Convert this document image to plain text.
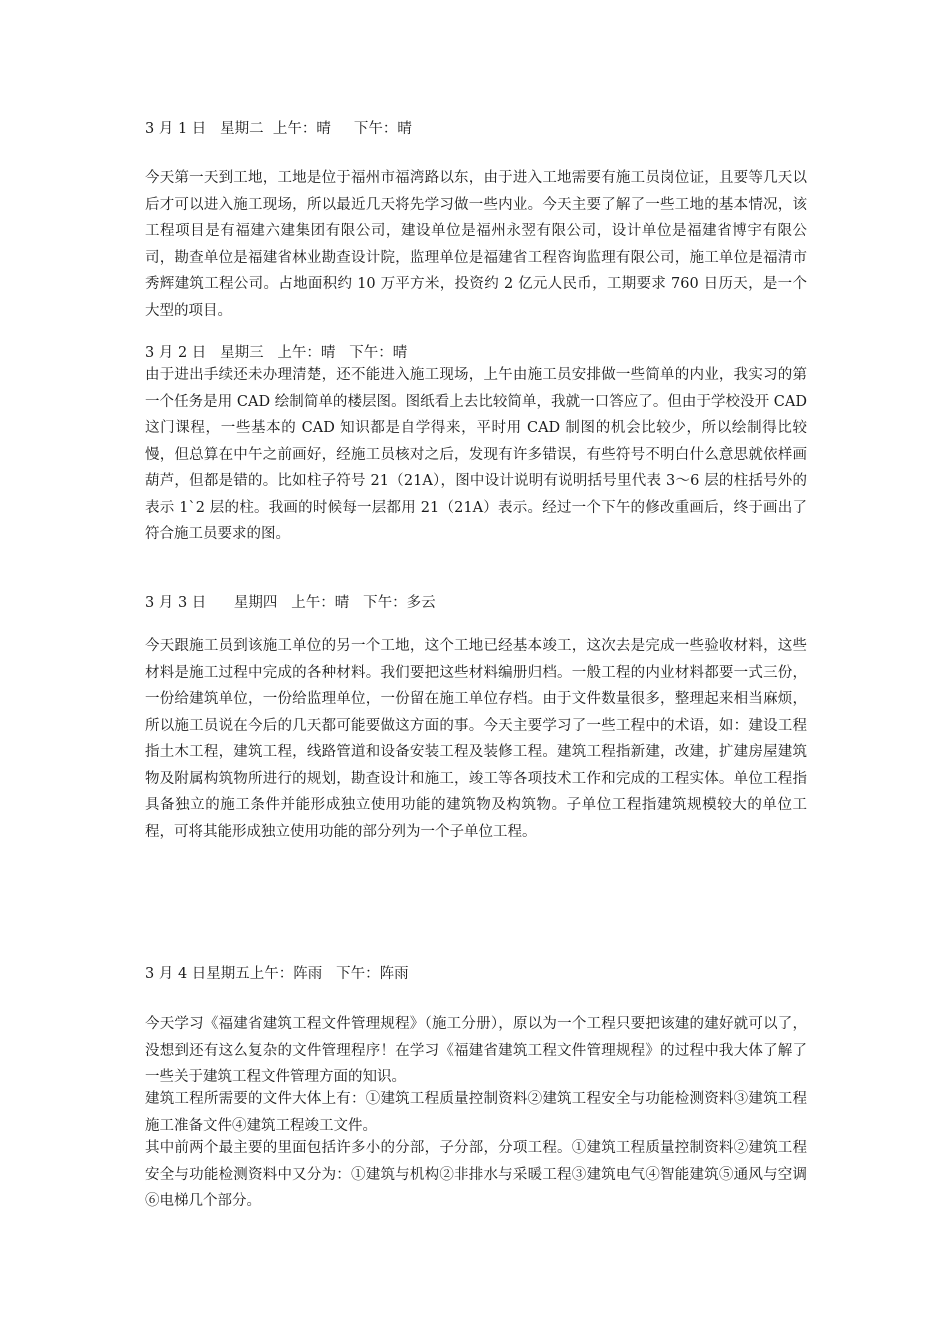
3 月 1 日   星期二  上午：晴     下午：晴

今天第一天到工地，工地是位于福州市福湾路以东，由于进入工地需要有施工员岗位证，且要等几天以后才可以进入施工现场，所以最近几天将先学习做一些内业。今天主要了解了一些工地的基本情况，该工程项目是有福建六建集团有限公司，建设单位是福州永翌有限公司，设计单位是福建省博宇有限公司，勘查单位是福建省林业勘查设计院，监理单位是福建省工程咨询监理有限公司，施工单位是福清市秀辉建筑工程公司。占地面积约 10 万平方米，投资约 2 亿元人民币，工期要求 760 日历天，是一个大型的项目。

3 月 2 日   星期三   上午：晴   下午：晴

由于进出手续还未办理清楚，还不能进入施工现场，上午由施工员安排做一些简单的内业，我实习的第一个任务是用 CAD 绘制简单的楼层图。图纸看上去比较简单，我就一口答应了。但由于学校没开 CAD 这门课程，一些基本的 CAD 知识都是自学得来，平时用 CAD 制图的机会比较少，所以绘制得比较慢，但总算在中午之前画好，经施工员核对之后，发现有许多错误，有些符号不明白什么意思就依样画葫芦，但都是错的。比如柱子符号 21（21A），图中设计说明有说明括号里代表 3～6 层的柱括号外的表示 1`2 层的柱。我画的时候每一层都用 21（21A）表示。经过一个下午的修改重画后，终于画出了符合施工员要求的图。

3 月 3 日      星期四   上午：晴   下午：多云

今天跟施工员到该施工单位的另一个工地，这个工地已经基本竣工，这次去是完成一些验收材料，这些材料是施工过程中完成的各种材料。我们要把这些材料编册归档。一般工程的内业材料都要一式三份，一份给建筑单位，一份给监理单位，一份留在施工单位存档。由于文件数量很多，整理起来相当麻烦，所以施工员说在今后的几天都可能要做这方面的事。今天主要学习了一些工程中的术语，如：建设工程指土木工程，建筑工程，线路管道和设备安装工程及装修工程。建筑工程指新建，改建，扩建房屋建筑物及附属构筑物所进行的规划，勘查设计和施工，竣工等各项技术工作和完成的工程实体。单位工程指具备独立的施工条件并能形成独立使用功能的建筑物及构筑物。子单位工程指建筑规模较大的单位工程，可将其能形成独立使用功能的部分列为一个子单位工程。

3 月 4 日星期五上午：阵雨   下午：阵雨

今天学习《福建省建筑工程文件管理规程》（施工分册），原以为一个工程只要把该建的建好就可以了，没想到还有这么复杂的文件管理程序！在学习《福建省建筑工程文件管理规程》的过程中我大体了解了一些关于建筑工程文件管理方面的知识。

建筑工程所需要的文件大体上有：①建筑工程质量控制资料②建筑工程安全与功能检测资料③建筑工程施工准备文件④建筑工程竣工文件。

其中前两个最主要的里面包括许多小的分部，子分部，分项工程。①建筑工程质量控制资料②建筑工程安全与功能检测资料中又分为：①建筑与机构②非排水与采暖工程③建筑电气④智能建筑⑤通风与空调⑥电梯几个部分。
